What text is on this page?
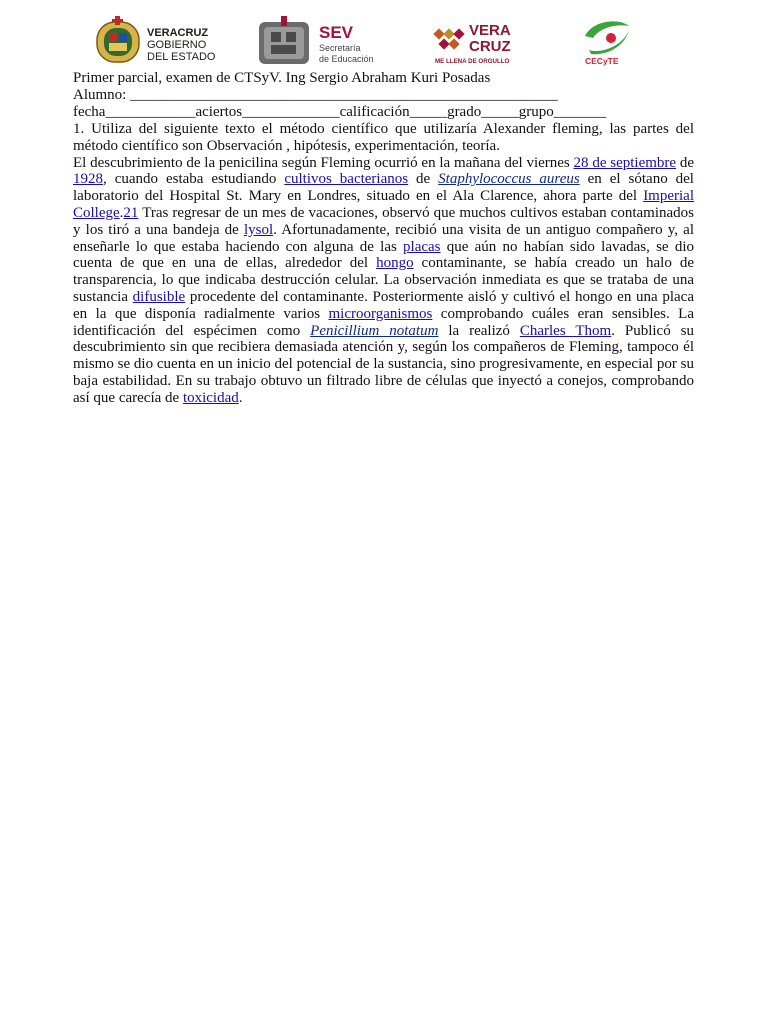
VERACRUZ
GOBIERNO
DEL ESTADO
SEV
Secretaría
de Educación
VERA
CRUZ
ME LLENA DE ORGULLO	CECyTE
Primer parcial, examen de CTSyV. Ing Sergio Abraham Kuri Posadas
Alumno: _________________________________________________________
fecha____________aciertos_____________calificación_____grado_____grupo_______
1. Utiliza del siguiente texto el método científico que utilizaría Alexander fleming, las partes del método científico son Observación , hipótesis, experimentación, teoría.
El descubrimiento de la penicilina según Fleming ocurrió en la mañana del viernes 28 de septiembre de 1928, cuando estaba estudiando cultivos bacterianos de Staphylococcus aureus en el sótano del laboratorio del Hospital St. Mary en Londres, situado en el Ala Clarence, ahora parte del Imperial College.21 Tras regresar de un mes de vacaciones, observó que muchos cultivos estaban contaminados y los tiró a una bandeja de lysol. Afortunadamente, recibió una visita de un antiguo compañero y, al enseñarle lo que estaba haciendo con alguna de las placas que aún no habían sido lavadas, se dio cuenta de que en una de ellas, alrededor del hongo contaminante, se había creado un halo de transparencia, lo que indicaba destrucción celular. La observación inmediata es que se trataba de una sustancia difusible procedente del contaminante. Posteriormente aisló y cultivó el hongo en una placa en la que disponía radialmente varios microorganismos comprobando cuáles eran sensibles. La identificación del espécimen como Penicillium notatum la realizó Charles Thom. Publicó su descubrimiento sin que recibiera demasiada atención y, según los compañeros de Fleming, tampoco él mismo se dio cuenta en un inicio del potencial de la sustancia, sino progresivamente, en especial por su baja estabilidad. En su trabajo obtuvo un filtrado libre de células que inyectó a conejos, comprobando así que carecía de toxicidad.
